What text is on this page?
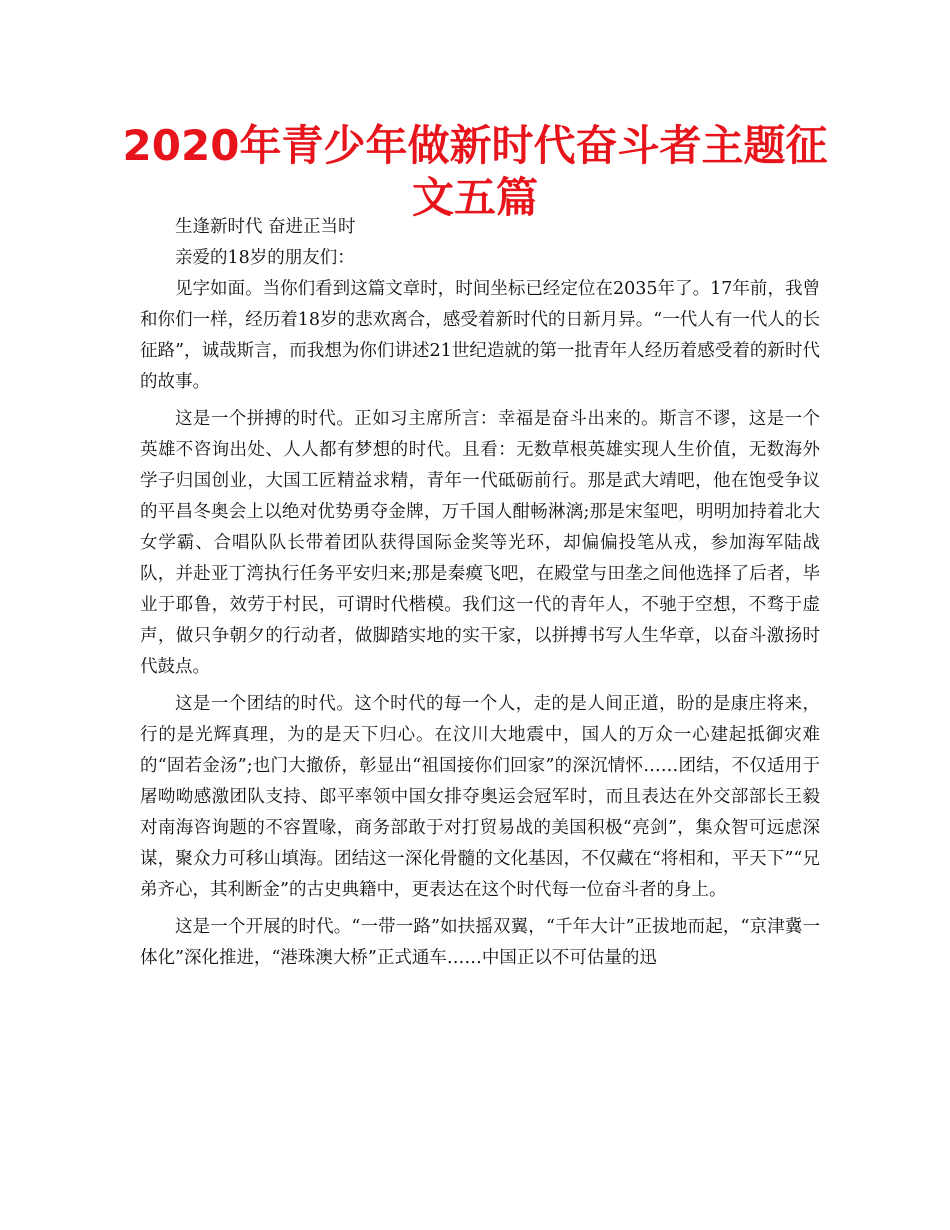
2020年青少年做新时代奋斗者主题征文五篇

生逢新时代 奋进正当时

亲爱的18岁的朋友们：

见字如面。当你们看到这篇文章时，时间坐标已经定位在2035年了。17年前，我曾和你们一样，经历着18岁的悲欢离合，感受着新时代的日新月异。“一代人有一代人的长征路”，诚哉斯言，而我想为你们讲述21世纪造就的第一批青年人经历着感受着的新时代的故事。

这是一个拼搏的时代。正如习主席所言：幸福是奋斗出来的。斯言不谬，这是一个英雄不咨询出处、人人都有梦想的时代。且看：无数草根英雄实现人生价值，无数海外学子归国创业，大国工匠精益求精，青年一代砥砺前行。那是武大靖吧，他在饱受争议的平昌冬奥会上以绝对优势勇夺金牌，万千国人酣畅淋漓;那是宋玺吧，明明加持着北大女学霸、合唱队队长带着团队获得国际金奖等光环，却偏偏投笔从戎，参加海军陆战队，并赴亚丁湾执行任务平安归来;那是秦瘼飞吧，在殿堂与田垄之间他选择了后者，毕业于耶鲁，效劳于村民，可谓时代楷模。我们这一代的青年人，不驰于空想，不骛于虚声，做只争朝夕的行动者，做脚踏实地的实干家，以拼搏书写人生华章，以奋斗激扬时代鼓点。

这是一个团结的时代。这个时代的每一个人，走的是人间正道，盼的是康庄将来，行的是光辉真理，为的是天下归心。在汶川大地震中，国人的万众一心建起抵御灾难的“固若金汤”;也门大撤侨，彰显出“祖国接你们回家”的深沉情怀……团结，不仅适用于屠呦呦感激团队支持、郎平率领中国女排夺奥运会冠军时，而且表达在外交部部长王毅对南海咨询题的不容置喙，商务部敢于对打贸易战的美国积极“亮剑”，集众智可远虑深谋，聚众力可移山填海。团结这一深化骨髓的文化基因，不仅藏在“将相和，平天下”“兄弟齐心，其利断金”的古史典籍中，更表达在这个时代每一位奋斗者的身上。

这是一个开展的时代。“一带一路”如扶摇双翼，“千年大计”正拔地而起，“京津冀一体化”深化推进，“港珠澳大桥”正式通车……中国正以不可估量的迅
